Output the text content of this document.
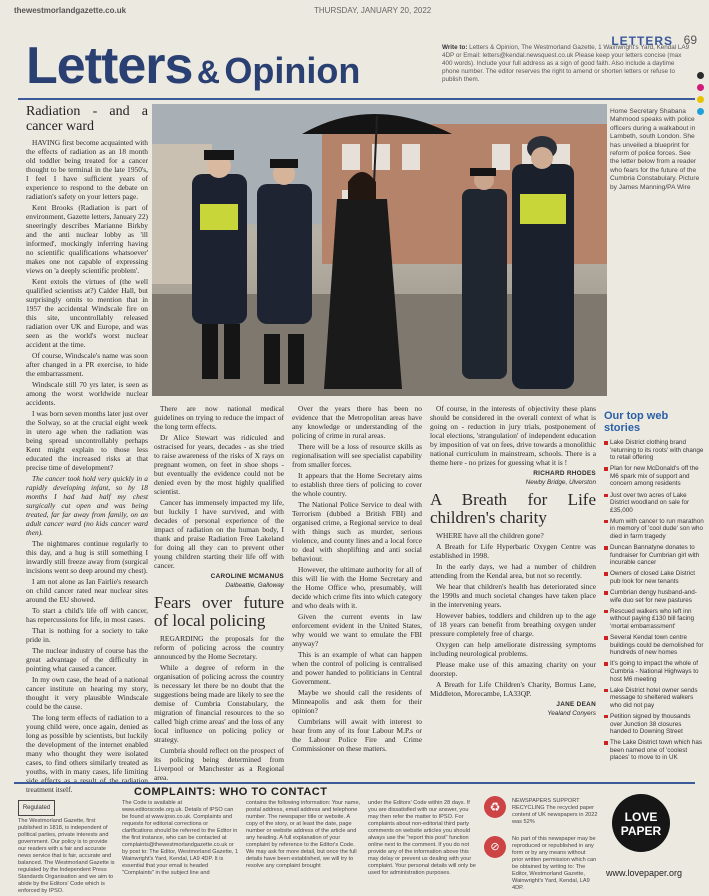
thewestmorlandgazette.co.uk	THURSDAY, JANUARY 20, 2022
Letters & Opinion
LETTERS 69
Write to: Letters & Opinion, The Westmorland Gazette, 1 Wainwright's Yard, Kendal LA9 4DP or Email: letters@kendal.newsquest.co.uk Please keep your letters concise (max 400 words). Include your full address as a sign of good faith. Also include a daytime phone number. The editor reserves the right to amend or shorten letters or refuse to publish them.
Home Secretary Shabana Mahmood speaks with police officers during a walkabout in Lambeth, south London. She has unveiled a blueprint for reform of police forces. See the letter below from a reader who fears for the future of the Cumbria Constabulary. Picture by James Manning/PA Wire
Radiation - and a cancer ward

HAVING first become acquainted with the effects of radiation as an 18 month old toddler being treated for a cancer thought to be terminal in the late 1950's, I feel I have sufficient years of experience to respond to the debate on radiation's safety on your letters page.

Kent Brooks (Radiation is part of environment, Gazette letters, January 22) sneeringly describes Marianne Birkby and the anti nuclear lobby as 'ill informed', mockingly inferring having no scientific qualifications whatsoever' makes one not capable of expressing views on 'a deeply scientific problem'.

Kent extols the virtues of (the well qualified scientists at?) Calder Hall, but surprisingly omits to mention that in 1957 the accidental Windscale fire on this site, uncontrollably released radiation over UK and Europe, and was seen as the world's worst nuclear accident at the time.

Of course, Windscale's name was soon after changed in a PR exercise, to hide the embarrassment.

Windscale still 70 yrs later, is seen as among the worst worldwide nuclear accidents.

I was born seven months later just over the Solway, so at the crucial eight week in utero age when the radiation was being spread uncontrollably perhaps Kent might explain to those less educated the increased risks at that precise time of development?

The cancer took hold very quickly in a rapidly developing infant, so by 18 months I had had half my chest surgically cut open and was being treated, far far away from family, on an adult cancer ward (no kids cancer ward then).

The nightmares continue regularly to this day, and a hug is still something I inwardly still freeze away from (surgical incisions went so deep around my chest).

I am not alone as Ian Fairlie's research on child cancer rated near nuclear sites around the EU showed.

To start a child's life off with cancer, has repercussions for life, in most cases.

That is nothing for a society to take pride in.

The nuclear industry of course has the great advantage of the difficulty in pointing what caused a cancer.

In my own case, the head of a national cancer institute on hearing my story, thought it very plausible Windscale could be the cause.

The long term effects of radiation to a young child were, once again, denied as long as possible by scientists, but luckily the development of the internet enabled many who thought they were isolated cases, to find others similarly treated as youths, with in many cases, life limiting side effects as a result of the radiation treatment itself.

There are now national medical guidelines on trying to reduce the impact of the long term effects.

Dr Alice Stewart was ridiculed and ostracised for years, decades - as she tried to raise awareness of the risks of X rays on pregnant women, on feet in shoe shops - but eventually the evidence could not be denied even by the most highly qualified scientist.

Cancer has immensely impacted my life, but luckily I have survived, and with decades of personal experience of the impact of radiation on the human body, I thank and praise Radiation Free Lakeland for doing all they can to prevent other young children starting their life off with cancer.

CAROLINE MCMANUS
Dalbeattie, Galloway
Fears over future of local policing

REGARDING the proposals for the reform of policing across the country announced by the Home Secretary.

While a degree of reform in the organisation of policing across the country is necessary let there be no doubt that the suggestions being made are likely to see the demise of Cumbria Constabulary, the migration of financial resources to the so called 'high crime areas' and the loss of any local influence on policing policy or strategy.

Cumbria should reflect on the prospect of its policing being determined from Liverpool or Manchester as a Regional area.

Over the years there has been no evidence that the Metropolitan areas have any knowledge or understanding of the policing of crime in rural areas.

There will be a loss of resource skills as regionalisation will see specialist capability from smaller forces.

It appears that the Home Secretary aims to establish three tiers of policing to cover the whole country.

The National Police Service to deal with Terrorism (dubbed a British FBI) and organised crime, a Regional service to deal with things such as murder, serious violence, and county lines and a local force to deal with shoplifting and anti social behaviour.

However, the ultimate authority for all of this will lie with the Home Secretary and the Home Office who, presumably, will decide which crime fits into which category and who deals with it.

Given the current events in law enforcement evident in the United States, why would we want to emulate the FBI anyway?

This is an example of what can happen when the control of policing is centralised and power handed to politicians in Central Government.

Maybe we should call the residents of Minneapolis and ask them for their opinion?

Cumbrians will await with interest to hear from any of its four Labour M.P.s or the Labour Police Fire and Crime Commissioner on these matters.

Of course, in the interests of objectivity these plans should be considered in the overall context of what is going on - reduction in jury trials, postponement of local elections, 'strangulation' of independent education by imposition of vat on fees, drive towards a monolithic national curriculum in mainstream, schools. There is a theme here - no prizes for guessing what it is !

RICHARD RHODES
Newby Bridge, Ulverston
A Breath for Life children's charity

WHERE have all the children gone?

A Breath for Life Hyperbaric Oxygen Centre was established in 1998.

In the early days, we had a number of children attending from the Kendal area, but not so recently.

We hear that children's health has deteriorated since the 1990s and much societal changes have taken place in the intervening years.

However babies, toddlers and children up to the age of 18 years can benefit from breathing oxygen under pressure completely free of charge.

Oxygen can help ameliorate distressing symptoms including neurological problems.

Please make use of this amazing charity on your doorstep.

A Breath for Life Children's Charity, Bornus Lane, Middleton, Morecambe, LA33QP.

JANE DEAN
Yealand Conyers
Our top web stories
Lake District clothing brand 'returning to its roots' with change to retail offering
Plan for new McDonald's off the M6 spark mix of support and concern among residents
Just over two acres of Lake District woodland on sale for £35,000
Mum with cancer to run marathon in memory of 'cool dude' son who died in farm tragedy
Duncan Bannatyne donates to fundraiser for Cumbrian girl with incurable cancer
Owners of closed Lake District pub look for new tenants
Cumbrian dengy husband-and-wife duo set for new pastures
Rescued walkers who left inn without paying £130 bill facing 'mortal embarrassment'
Several Kendal town centre buildings could be demolished for hundreds of new homes
It's going to impact the whole of Cumbria - National Highways to host M6 meeting
Lake District hotel owner sends message to sheltered walkers who did not pay
Petition signed by thousands over Junction 38 closures handed to Downing Street
The Lake District town which has been named one of 'coolest places' to move to in UK
COMPLAINTS: WHO TO CONTACT
Regulated
The Westmorland Gazette, first published in 1818, is independent of political parties, private interests and government. Our policy is to provide our readers with a fair and accurate news service that is fair, accurate and balanced. The Westmorland Gazette is regulated by the Independent Press Standards Organisation and we aim to abide by the Editors' Code which is enforced by IPSO.
The Code is available at www.editorscode.org.uk. Details of IPSO can be found at www.ipso.co.uk. Complaints and requests for editorial corrections or clarifications should be referred to the Editor in the first instance, who can be contacted at complaints@thewestmorlandgazette.co.uk or by post to: The Editor, Westmorland Gazette, 1 Wainwright's Yard, Kendal, LA9 4DP. It is essential that your email is headed "Complaints" in the subject line and
contains the following information: Your name, postal address, email address and telephone number. The newspaper title or website. A copy of the story, or at least the date, page number or website address of the article and any heading. A full explanation of your complaint by reference to the Editor's Code. We may ask for more detail, but once the full details have been established, we will try to resolve any complaint brought
under the Editors' Code within 28 days. If you are dissatisfied with our answer, you may then refer the matter to IPSO. For complaints about non-editorial third party comments on website articles you should always use the "report this post" function online next to the comment. If you do not provide any of the information above this may delay or prevent us dealing with your complaint. Your personal details will only be used for administration purposes.
♻	NEWSPAPERS SUPPORT RECYCLING The recycled paper content of UK newspapers in 2022 was 52%
⊘
No part of this newspaper may be reproduced or republished in any form or by any means without prior written permission which can be obtained by writing to: The Editor, Westmorland Gazette, Wainwright's Yard, Kendal, LA9 4DP.
LOVE
PAPER
www.lovepaper.org
